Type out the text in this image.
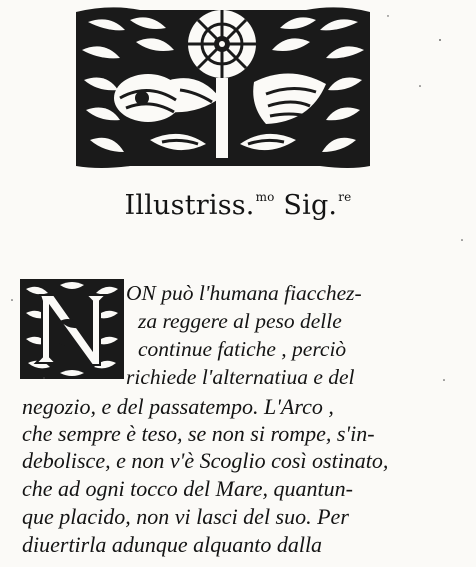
Illustriss.$^{mo}$ Sig.$^{re}$
ON può l'humana fiacchez-
za reggere al peso delle
continue fatiche , perciò
richiede l'alternatiua e del
negozio, e del passatempo. L'Arco ,
che sempre è teso, se non si rompe, s'in-
debolisce, e non v'è Scoglio così ostinato,
che ad ogni tocco del Mare, quantun-
que placido, non vi lasci del suo. Per
diuertirla adunque alquanto dalla
